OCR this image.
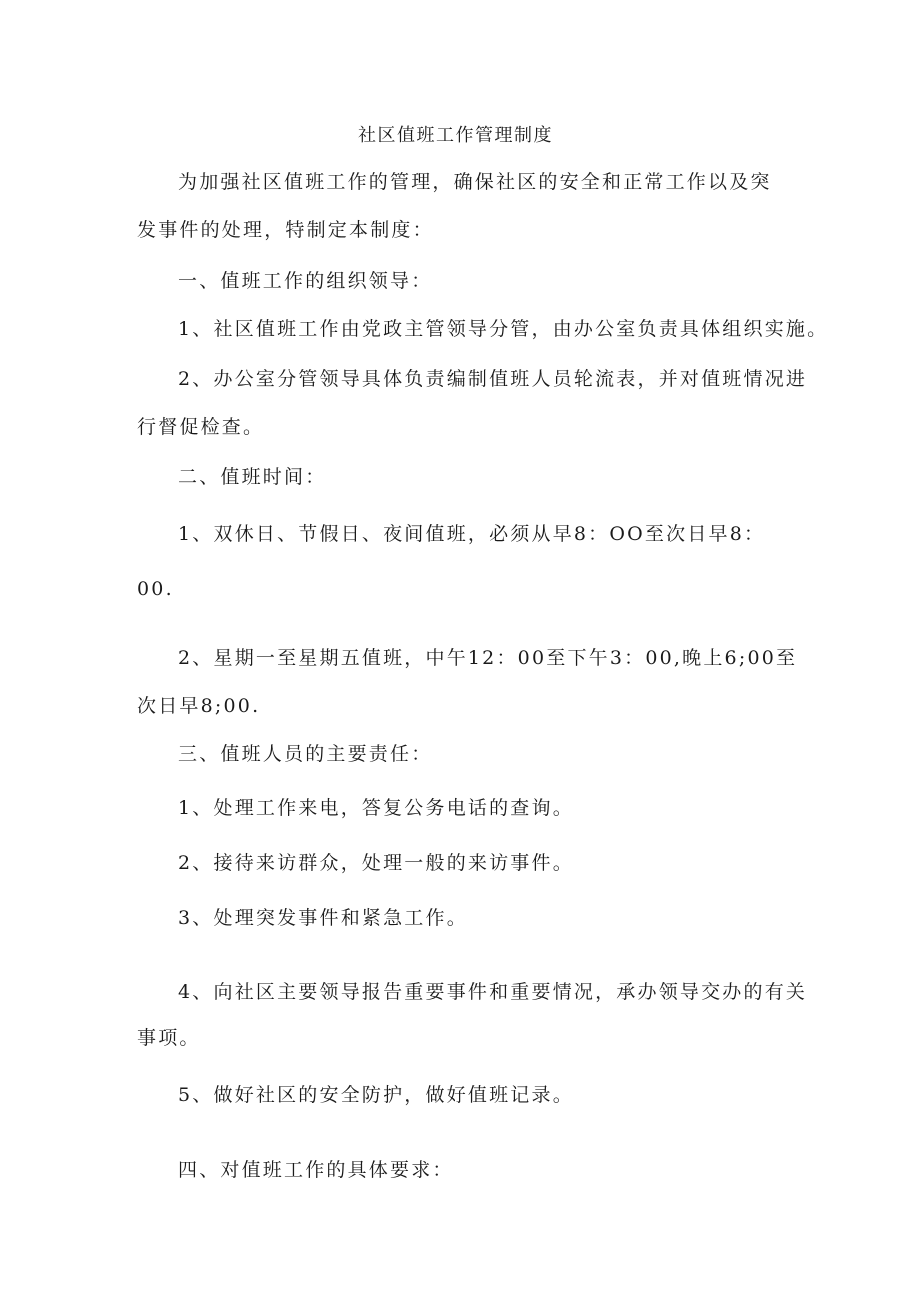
社区值班工作管理制度
为加强社区值班工作的管理，确保社区的安全和正常工作以及突
发事件的处理，特制定本制度：
一、值班工作的组织领导：
1、社区值班工作由党政主管领导分管，由办公室负责具体组织实施。
2、办公室分管领导具体负责编制值班人员轮流表，并对值班情况进
行督促检查。
二、值班时间：
1、双休日、节假日、夜间值班，必须从早8：OO至次日早8：
00.
2、星期一至星期五值班，中午12：00至下午3：00,晚上6;00至
次日早8;00.
三、值班人员的主要责任：
1、处理工作来电，答复公务电话的查询。
2、接待来访群众，处理一般的来访事件。
3、处理突发事件和紧急工作。
4、向社区主要领导报告重要事件和重要情况，承办领导交办的有关
事项。
5、做好社区的安全防护，做好值班记录。
四、对值班工作的具体要求：
